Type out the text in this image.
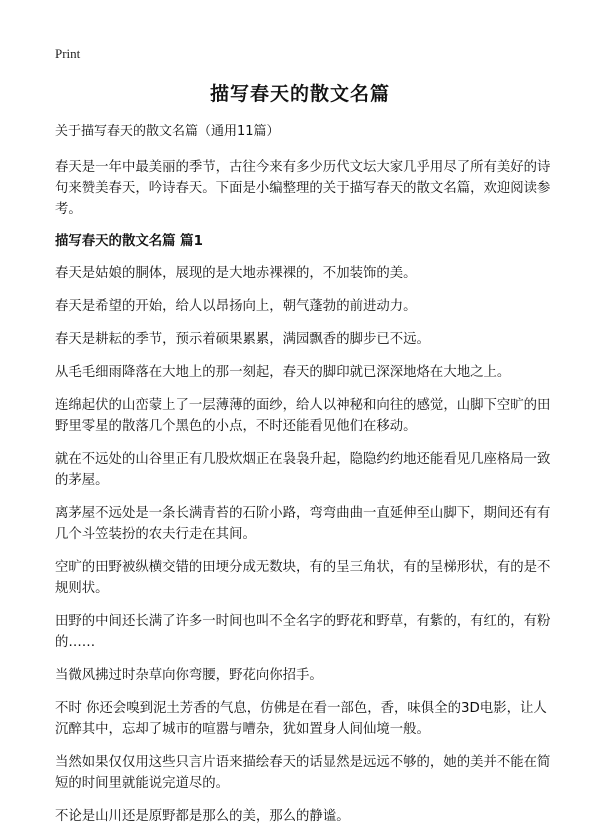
Print
描写春天的散文名篇
关于描写春天的散文名篇（通用11篇）

春天是一年中最美丽的季节，古往今来有多少历代文坛大家几乎用尽了所有美好的诗句来赞美春天，吟诗春天。下面是小编整理的关于描写春天的散文名篇，欢迎阅读参考。

描写春天的散文名篇 篇1

春天是姑娘的胴体，展现的是大地赤裸裸的，不加装饰的美。

春天是希望的开始，给人以昂扬向上，朝气蓬勃的前进动力。

春天是耕耘的季节，预示着硕果累累，满园飘香的脚步已不远。

从毛毛细雨降落在大地上的那一刻起，春天的脚印就已深深地烙在大地之上。

连绵起伏的山峦蒙上了一层薄薄的面纱，给人以神秘和向往的感觉，山脚下空旷的田野里零星的散落几个黑色的小点，不时还能看见他们在移动。

就在不远处的山谷里正有几股炊烟正在袅袅升起，隐隐约约地还能看见几座格局一致的茅屋。

离茅屋不远处是一条长满青苔的石阶小路，弯弯曲曲一直延伸至山脚下，期间还有有几个斗笠装扮的农夫行走在其间。

空旷的田野被纵横交错的田埂分成无数块，有的呈三角状，有的呈梯形状，有的是不规则状。

田野的中间还长满了许多一时间也叫不全名字的野花和野草，有紫的，有红的，有粉的……

当微风拂过时杂草向你弯腰，野花向你招手。

不时 你还会嗅到泥土芳香的气息，仿佛是在看一部色，香，味俱全的3D电影，让人沉醉其中，忘却了城市的喧嚣与嘈杂，犹如置身人间仙境一般。

当然如果仅仅用这些只言片语来描绘春天的话显然是远远不够的，她的美并不能在简短的时间里就能说完道尽的。

不论是山川还是原野都是那么的美，那么的静谧。
